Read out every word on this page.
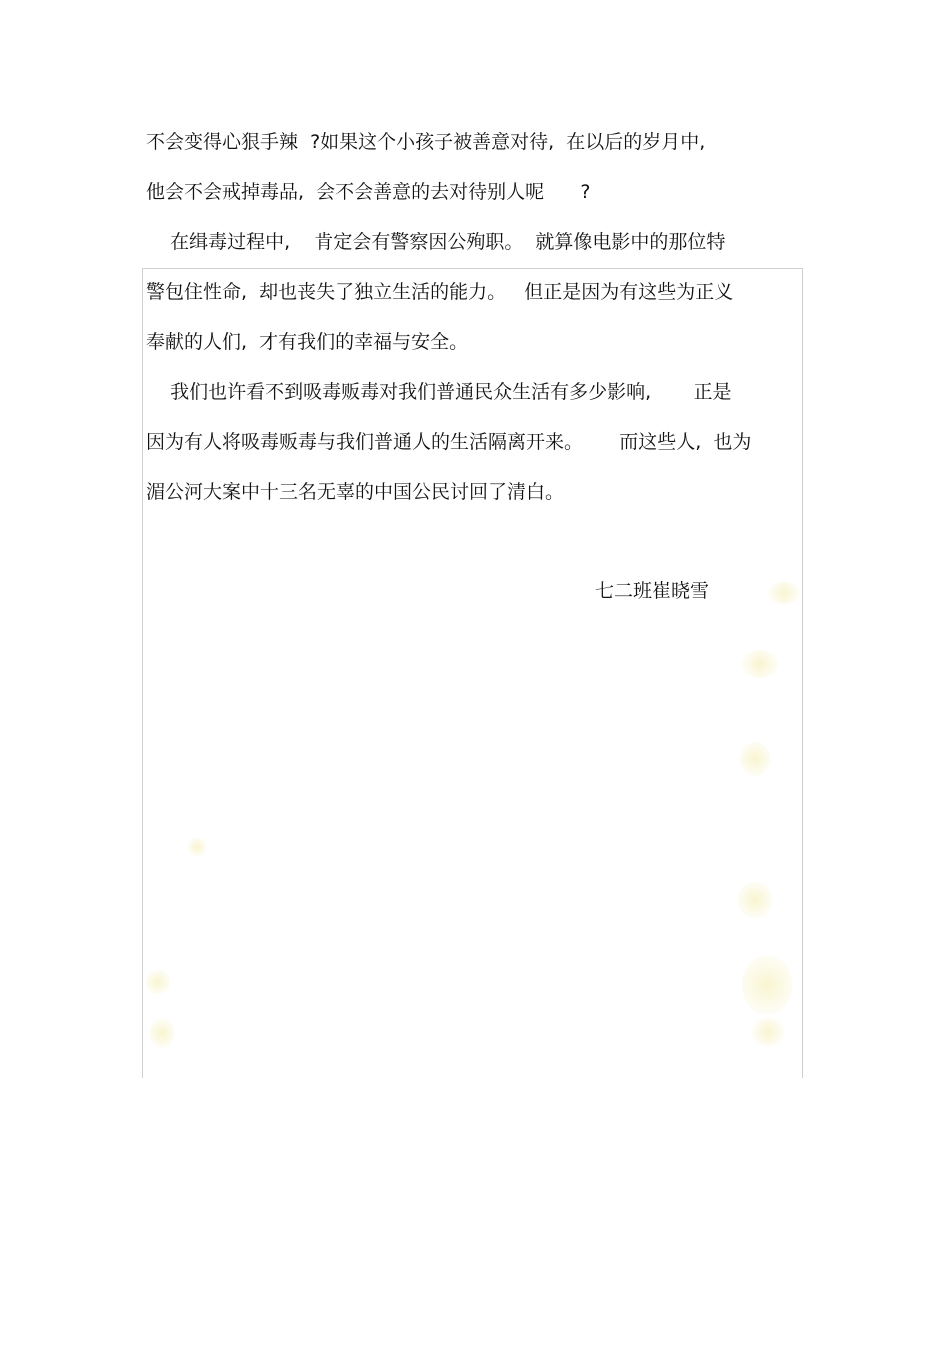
不会变得心狠手辣  ?如果这个小孩子被善意对待,  在以后的岁月中,
他会不会戒掉毒品,  会不会善意的去对待别人呢      ?
在缉毒过程中,    肯定会有警察因公殉职。  就算像电影中的那位特
警包住性命,  却也丧失了独立生活的能力。   但正是因为有这些为正义
奉献的人们,  才有我们的幸福与安全。
我们也许看不到吸毒贩毒对我们普通民众生活有多少影响,       正是
因为有人将吸毒贩毒与我们普通人的生活隔离开来。      而这些人,  也为
湄公河大案中十三名无辜的中国公民讨回了清白。
七二班崔晓雪
